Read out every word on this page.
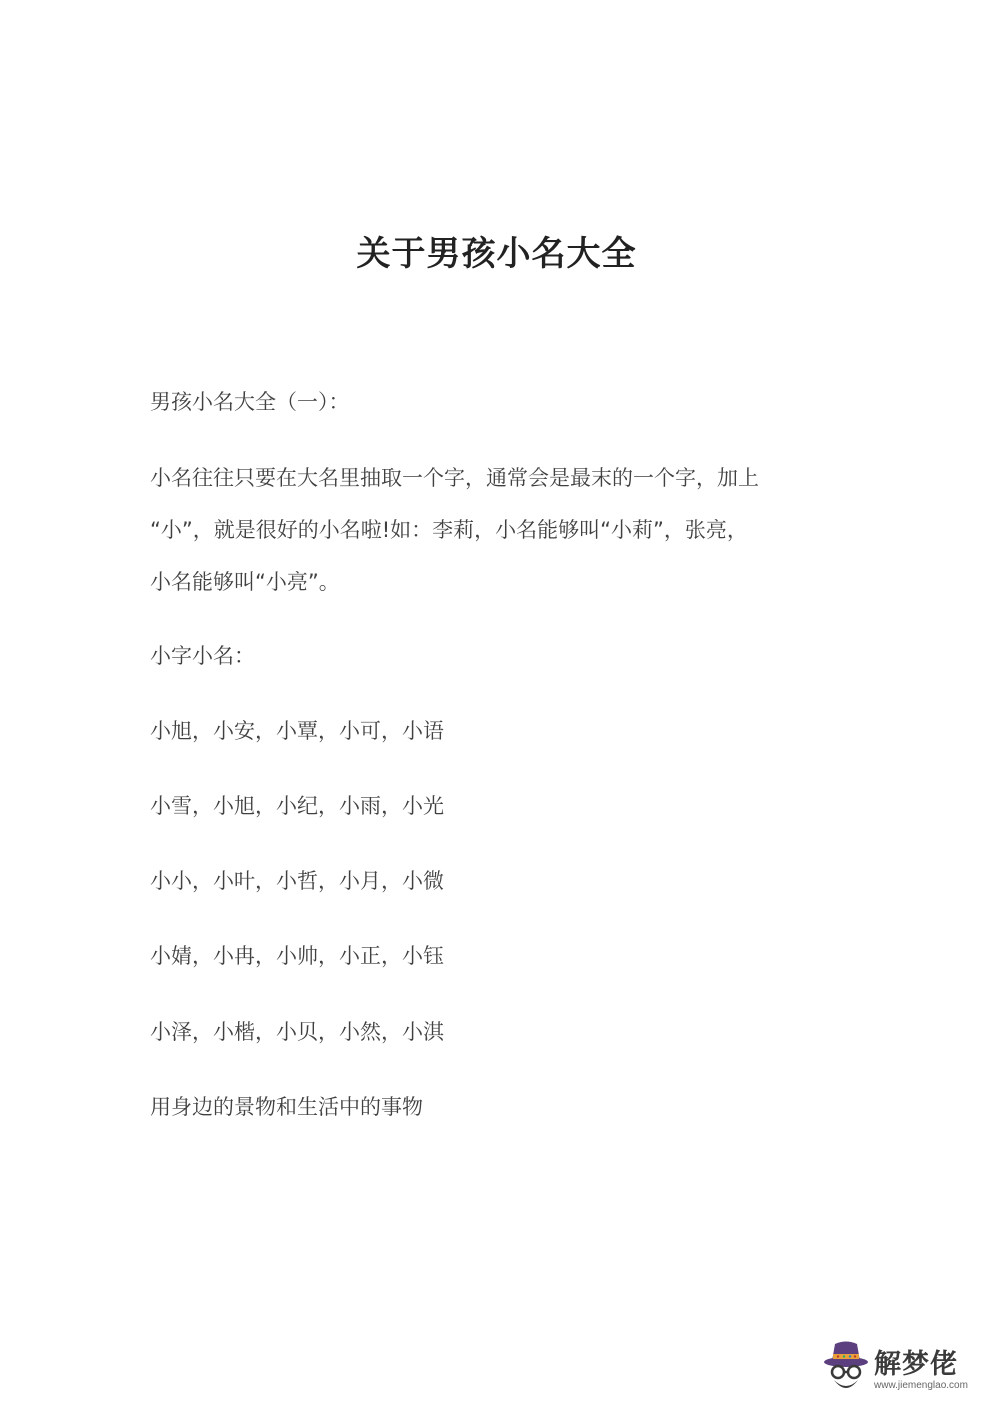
关于男孩小名大全

男孩小名大全（一）：

小名往往只要在大名里抽取一个字，通常会是最末的一个字，加上

“小”，就是很好的小名啦!如：李莉，小名能够叫“小莉”，张亮，

小名能够叫“小亮”。

小字小名：

小旭，小安，小覃，小可，小语

小雪，小旭，小纪，小雨，小光

小小，小叶，小哲，小月，小微

小婧，小冉，小帅，小正，小钰

小泽，小楷，小贝，小然，小淇

用身边的景物和生活中的事物

解梦佬
www.jiemenglao.com
